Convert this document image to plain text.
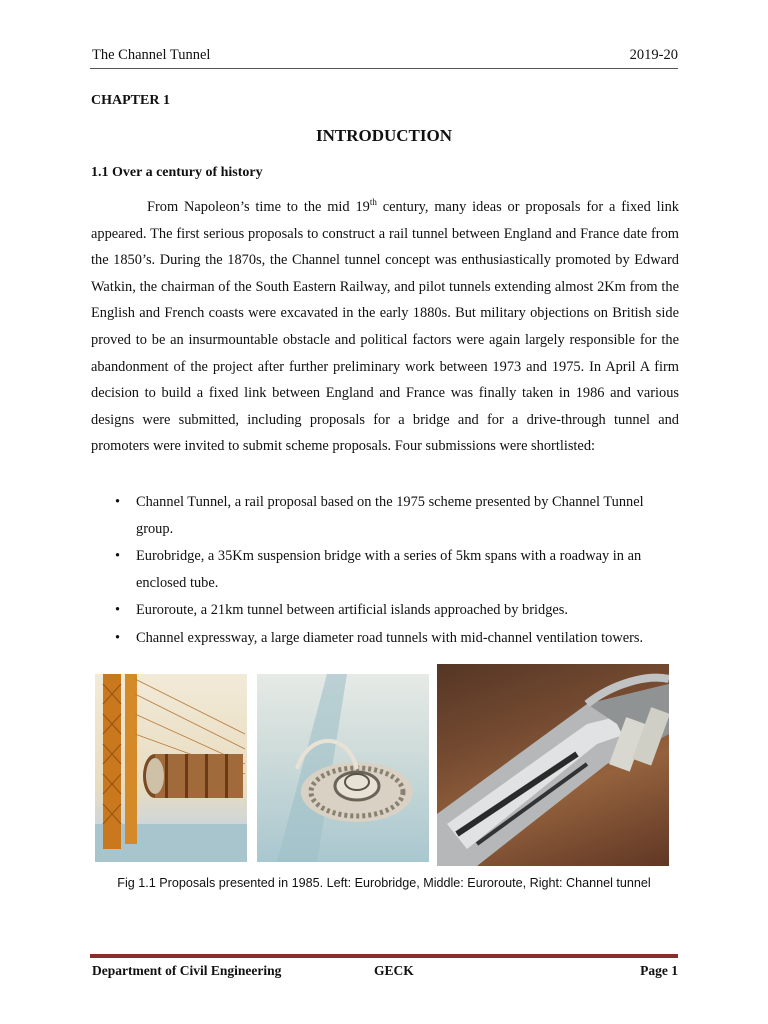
The Channel Tunnel	2019-20
CHAPTER 1
INTRODUCTION
1.1 Over a century of history

From Napoleon’s time to the mid 19th century, many ideas or proposals for a fixed link appeared. The first serious proposals to construct a rail tunnel between England and France date from the 1850’s. During the 1870s, the Channel tunnel concept was enthusiastically promoted by Edward Watkin, the chairman of the South Eastern Railway, and pilot tunnels extending almost 2Km from the English and French coasts were excavated in the early 1880s. But military objections on British side proved to be an insurmountable obstacle and political factors were again largely responsible for the abandonment of the project after further preliminary work between 1973 and 1975. In April A firm decision to build a fixed link between England and France was finally taken in 1986 and various designs were submitted, including proposals for a bridge and for a drive-through tunnel and promoters were invited to submit scheme proposals. Four submissions were shortlisted:

• Channel Tunnel, a rail proposal based on the 1975 scheme presented by Channel Tunnel group.
• Eurobridge, a 35Km suspension bridge with a series of 5km spans with a roadway in an enclosed tube.
• Euroroute, a 21km tunnel between artificial islands approached by bridges.
• Channel expressway, a large diameter road tunnels with mid-channel ventilation towers.
Fig 1.1 Proposals presented in 1985. Left: Eurobridge, Middle: Euroroute, Right: Channel tunnel
Department of Civil Engineering	GECK	Page 1
